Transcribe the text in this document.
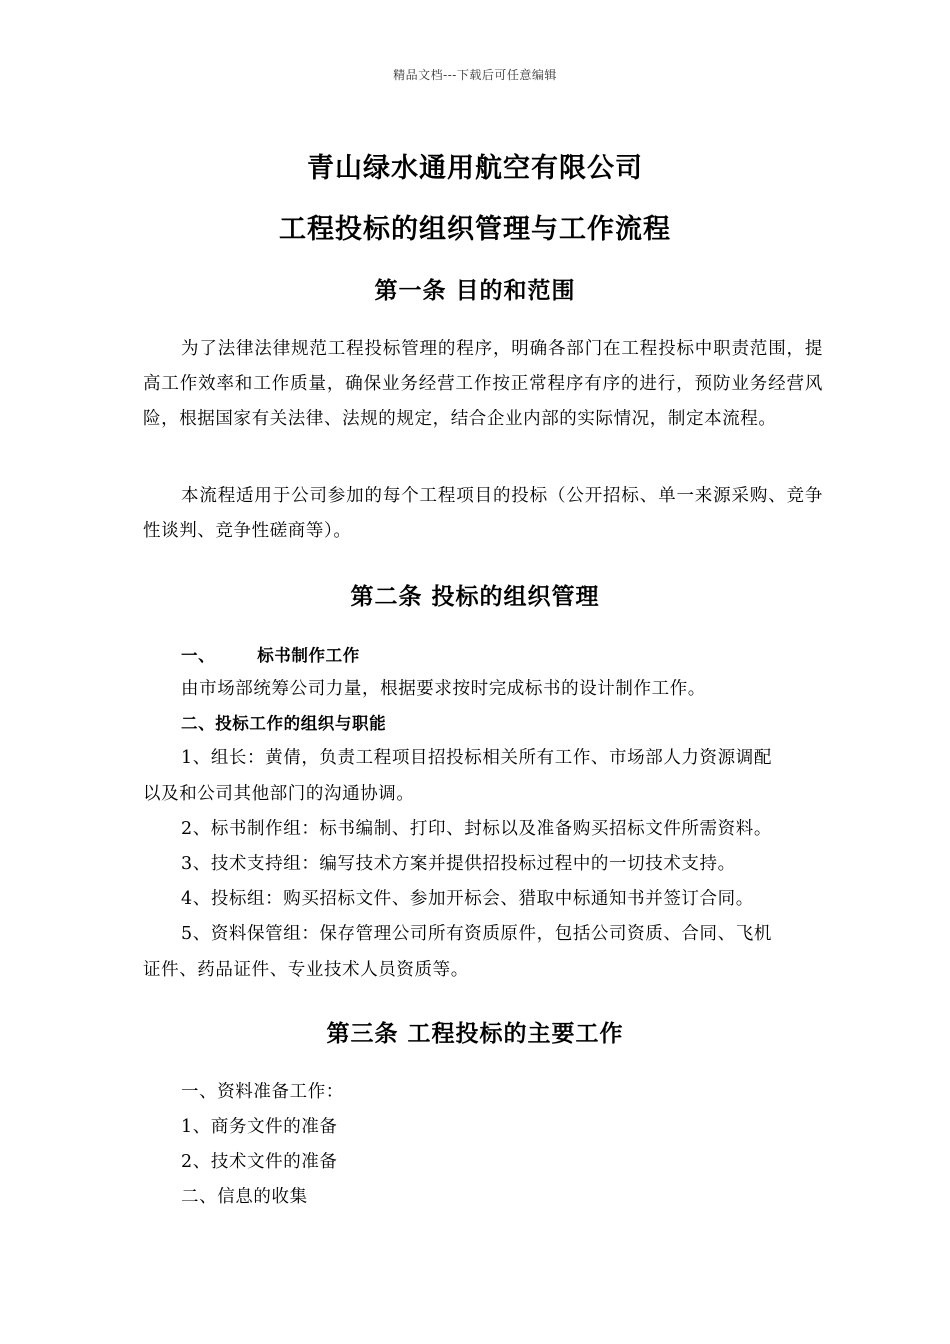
精品文档---下载后可任意编辑
青山绿水通用航空有限公司
工程投标的组织管理与工作流程
第一条 目的和范围

为了法律法律规范工程投标管理的程序，明确各部门在工程投标中职责范围，提高工作效率和工作质量，确保业务经营工作按正常程序有序的进行，预防业务经营风险，根据国家有关法律、法规的规定，结合企业内部的实际情况，制定本流程。

本流程适用于公司参加的每个工程项目的投标（公开招标、单一来源采购、竞争性谈判、竞争性磋商等）。

第二条 投标的组织管理
一、	标书制作工作
由市场部统筹公司力量，根据要求按时完成标书的设计制作工作。
二、投标工作的组织与职能
1、组长：黄倩，负责工程项目招投标相关所有工作、市场部人力资源调配
以及和公司其他部门的沟通协调。
2、标书制作组：标书编制、打印、封标以及准备购买招标文件所需资料。
3、技术支持组：编写技术方案并提供招投标过程中的一切技术支持。
4、投标组：购买招标文件、参加开标会、猎取中标通知书并签订合同。
5、资料保管组：保存管理公司所有资质原件，包括公司资质、合同、飞机
证件、药品证件、专业技术人员资质等。
第三条 工程投标的主要工作
一、资料准备工作：
1、商务文件的准备
2、技术文件的准备
二、信息的收集
